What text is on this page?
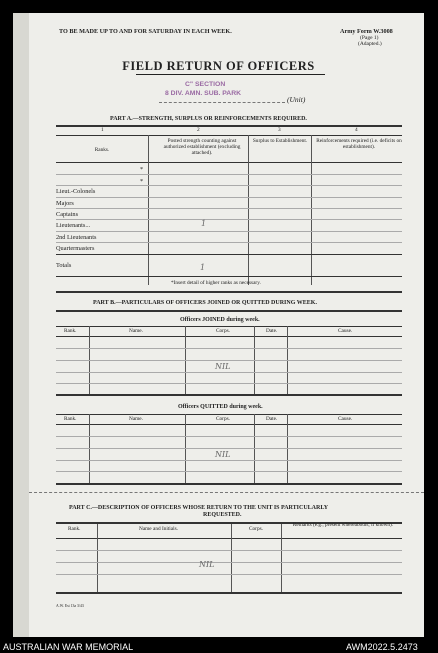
TO BE MADE UP TO AND FOR SATURDAY IN EACH WEEK.	Army Form W.3008
(Page 1)
(Adapted.)
FIELD RETURN OF OFFICERS
C" SECTION
8 DIV. AMN. SUB. PARK
(Unit)
PART A.—STRENGTH, SURPLUS OR REINFORCEMENTS REQUIRED.
1	2	3	4
Ranks.
Posted strength counting against authorized establishment (excluding attached).
Surplus to Establishment.	Reinforcements required (i.e. deficits on establishment).
*
*
Lieut.-Colonels
Majors
Captains
Lieutenants...	1
2nd Lieutenants
Quartermasters
Totals	1
*Insert detail of higher ranks as necessary.
PART B.—PARTICULARS OF OFFICERS JOINED OR QUITTED DURING WEEK.
Officers JOINED during week.
Rank.	Name.	Corps.	Date.	Cause.
NIL
Officers QUITTED during week.
Rank.	Name.	Corps.	Date.	Cause.
NIL
PART C.—DESCRIPTION OF OFFICERS WHOSE RETURN TO THE UNIT IS PARTICULARLY
REQUESTED.
Rank.	Name and Initials.	Corps.
Remarks (e.g., present whereabouts, if known).
NIL
A.W. Est 13a 3/43
AUSTRALIAN WAR MEMORIAL	AWM2022.5.2473
